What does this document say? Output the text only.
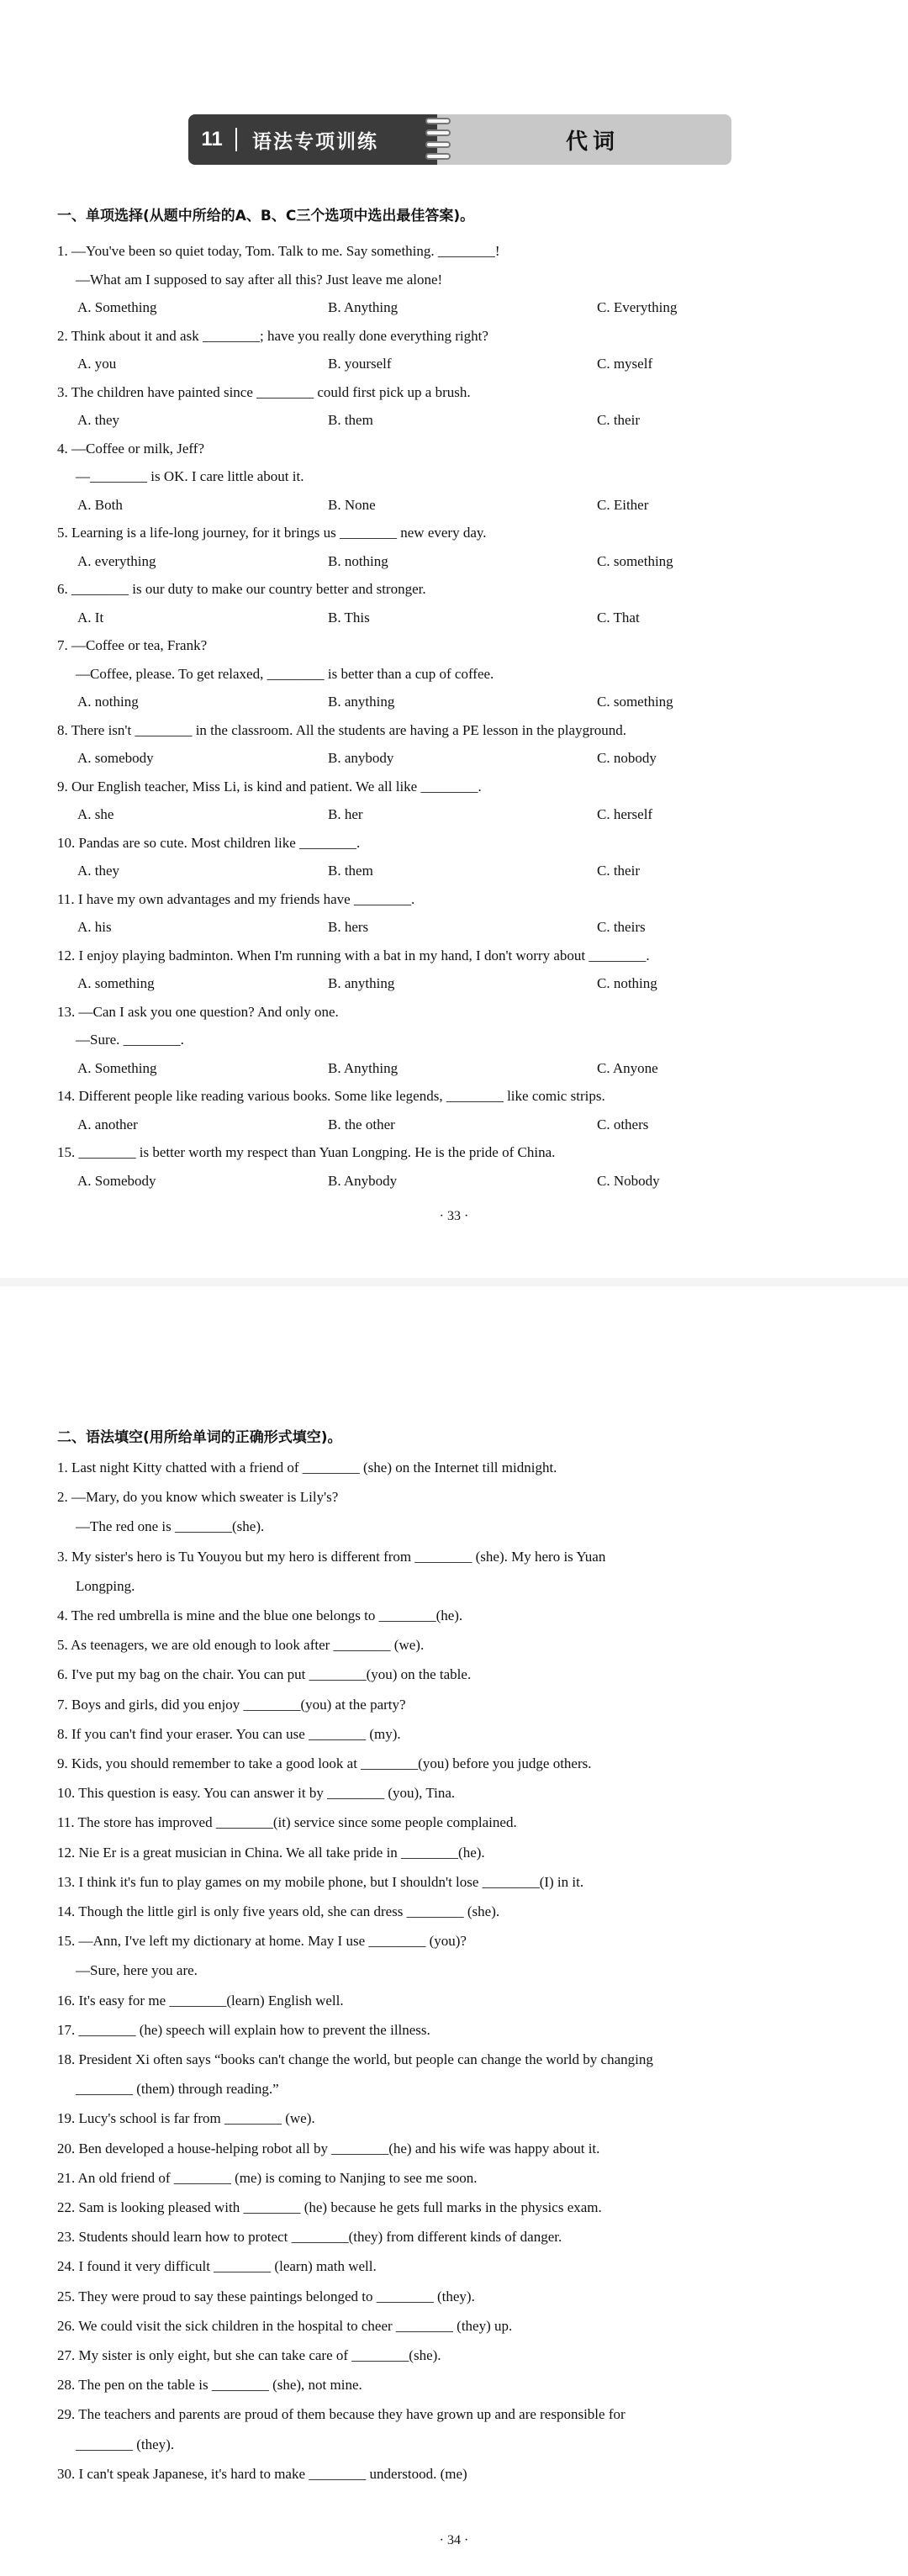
11	语法专项训练	代词
一、单项选择(从题中所给的A、B、C三个选项中选出最佳答案)。
1. —You've been so quiet today, Tom. Talk to me. Say something. ________!
—What am I supposed to say after all this? Just leave me alone!
A. Something	B. Anything	C. Everything
2. Think about it and ask ________; have you really done everything right?
A. you	B. yourself	C. myself
3. The children have painted since ________ could first pick up a brush.
A. they	B. them	C. their
4. —Coffee or milk, Jeff?
—________ is OK. I care little about it.
A. Both	B. None	C. Either
5. Learning is a life-long journey, for it brings us ________ new every day.
A. everything	B. nothing	C. something
6. ________ is our duty to make our country better and stronger.
A. It	B. This	C. That
7. —Coffee or tea, Frank?
—Coffee, please. To get relaxed, ________ is better than a cup of coffee.
A. nothing	B. anything	C. something
8. There isn't ________ in the classroom. All the students are having a PE lesson in the playground.
A. somebody	B. anybody	C. nobody
9. Our English teacher, Miss Li, is kind and patient. We all like ________.
A. she	B. her	C. herself
10. Pandas are so cute. Most children like ________.
A. they	B. them	C. their
11. I have my own advantages and my friends have ________.
A. his	B. hers	C. theirs
12. I enjoy playing badminton. When I'm running with a bat in my hand, I don't worry about ________.
A. something	B. anything	C. nothing
13. —Can I ask you one question? And only one.
—Sure. ________.
A. Something	B. Anything	C. Anyone
14. Different people like reading various books. Some like legends, ________ like comic strips.
A. another	B. the other	C. others
15. ________ is better worth my respect than Yuan Longping. He is the pride of China.
A. Somebody	B. Anybody	C. Nobody
· 33 ·
二、语法填空(用所给单词的正确形式填空)。
1. Last night Kitty chatted with a friend of ________ (she) on the Internet till midnight.
2. —Mary, do you know which sweater is Lily's?
—The red one is ________(she).
3. My sister's hero is Tu Youyou but my hero is different from ________ (she). My hero is Yuan
Longping.
4. The red umbrella is mine and the blue one belongs to ________(he).
5. As teenagers, we are old enough to look after ________ (we).
6. I've put my bag on the chair. You can put ________(you) on the table.
7. Boys and girls, did you enjoy ________(you) at the party?
8. If you can't find your eraser. You can use ________ (my).
9. Kids, you should remember to take a good look at ________(you) before you judge others.
10. This question is easy. You can answer it by ________ (you), Tina.
11. The store has improved ________(it) service since some people complained.
12. Nie Er is a great musician in China. We all take pride in ________(he).
13. I think it's fun to play games on my mobile phone, but I shouldn't lose ________(I) in it.
14. Though the little girl is only five years old, she can dress ________ (she).
15. —Ann, I've left my dictionary at home. May I use ________ (you)?
—Sure, here you are.
16. It's easy for me ________(learn) English well.
17. ________ (he) speech will explain how to prevent the illness.
18. President Xi often says “books can't change the world, but people can change the world by changing
________ (them) through reading.”
19. Lucy's school is far from ________ (we).
20. Ben developed a house-helping robot all by ________(he) and his wife was happy about it.
21. An old friend of ________ (me) is coming to Nanjing to see me soon.
22. Sam is looking pleased with ________ (he) because he gets full marks in the physics exam.
23. Students should learn how to protect ________(they) from different kinds of danger.
24. I found it very difficult ________ (learn) math well.
25. They were proud to say these paintings belonged to ________ (they).
26. We could visit the sick children in the hospital to cheer ________ (they) up.
27. My sister is only eight, but she can take care of ________(she).
28. The pen on the table is ________ (she), not mine.
29. The teachers and parents are proud of them because they have grown up and are responsible for
________ (they).
30. I can't speak Japanese, it's hard to make ________ understood. (me)
· 34 ·
